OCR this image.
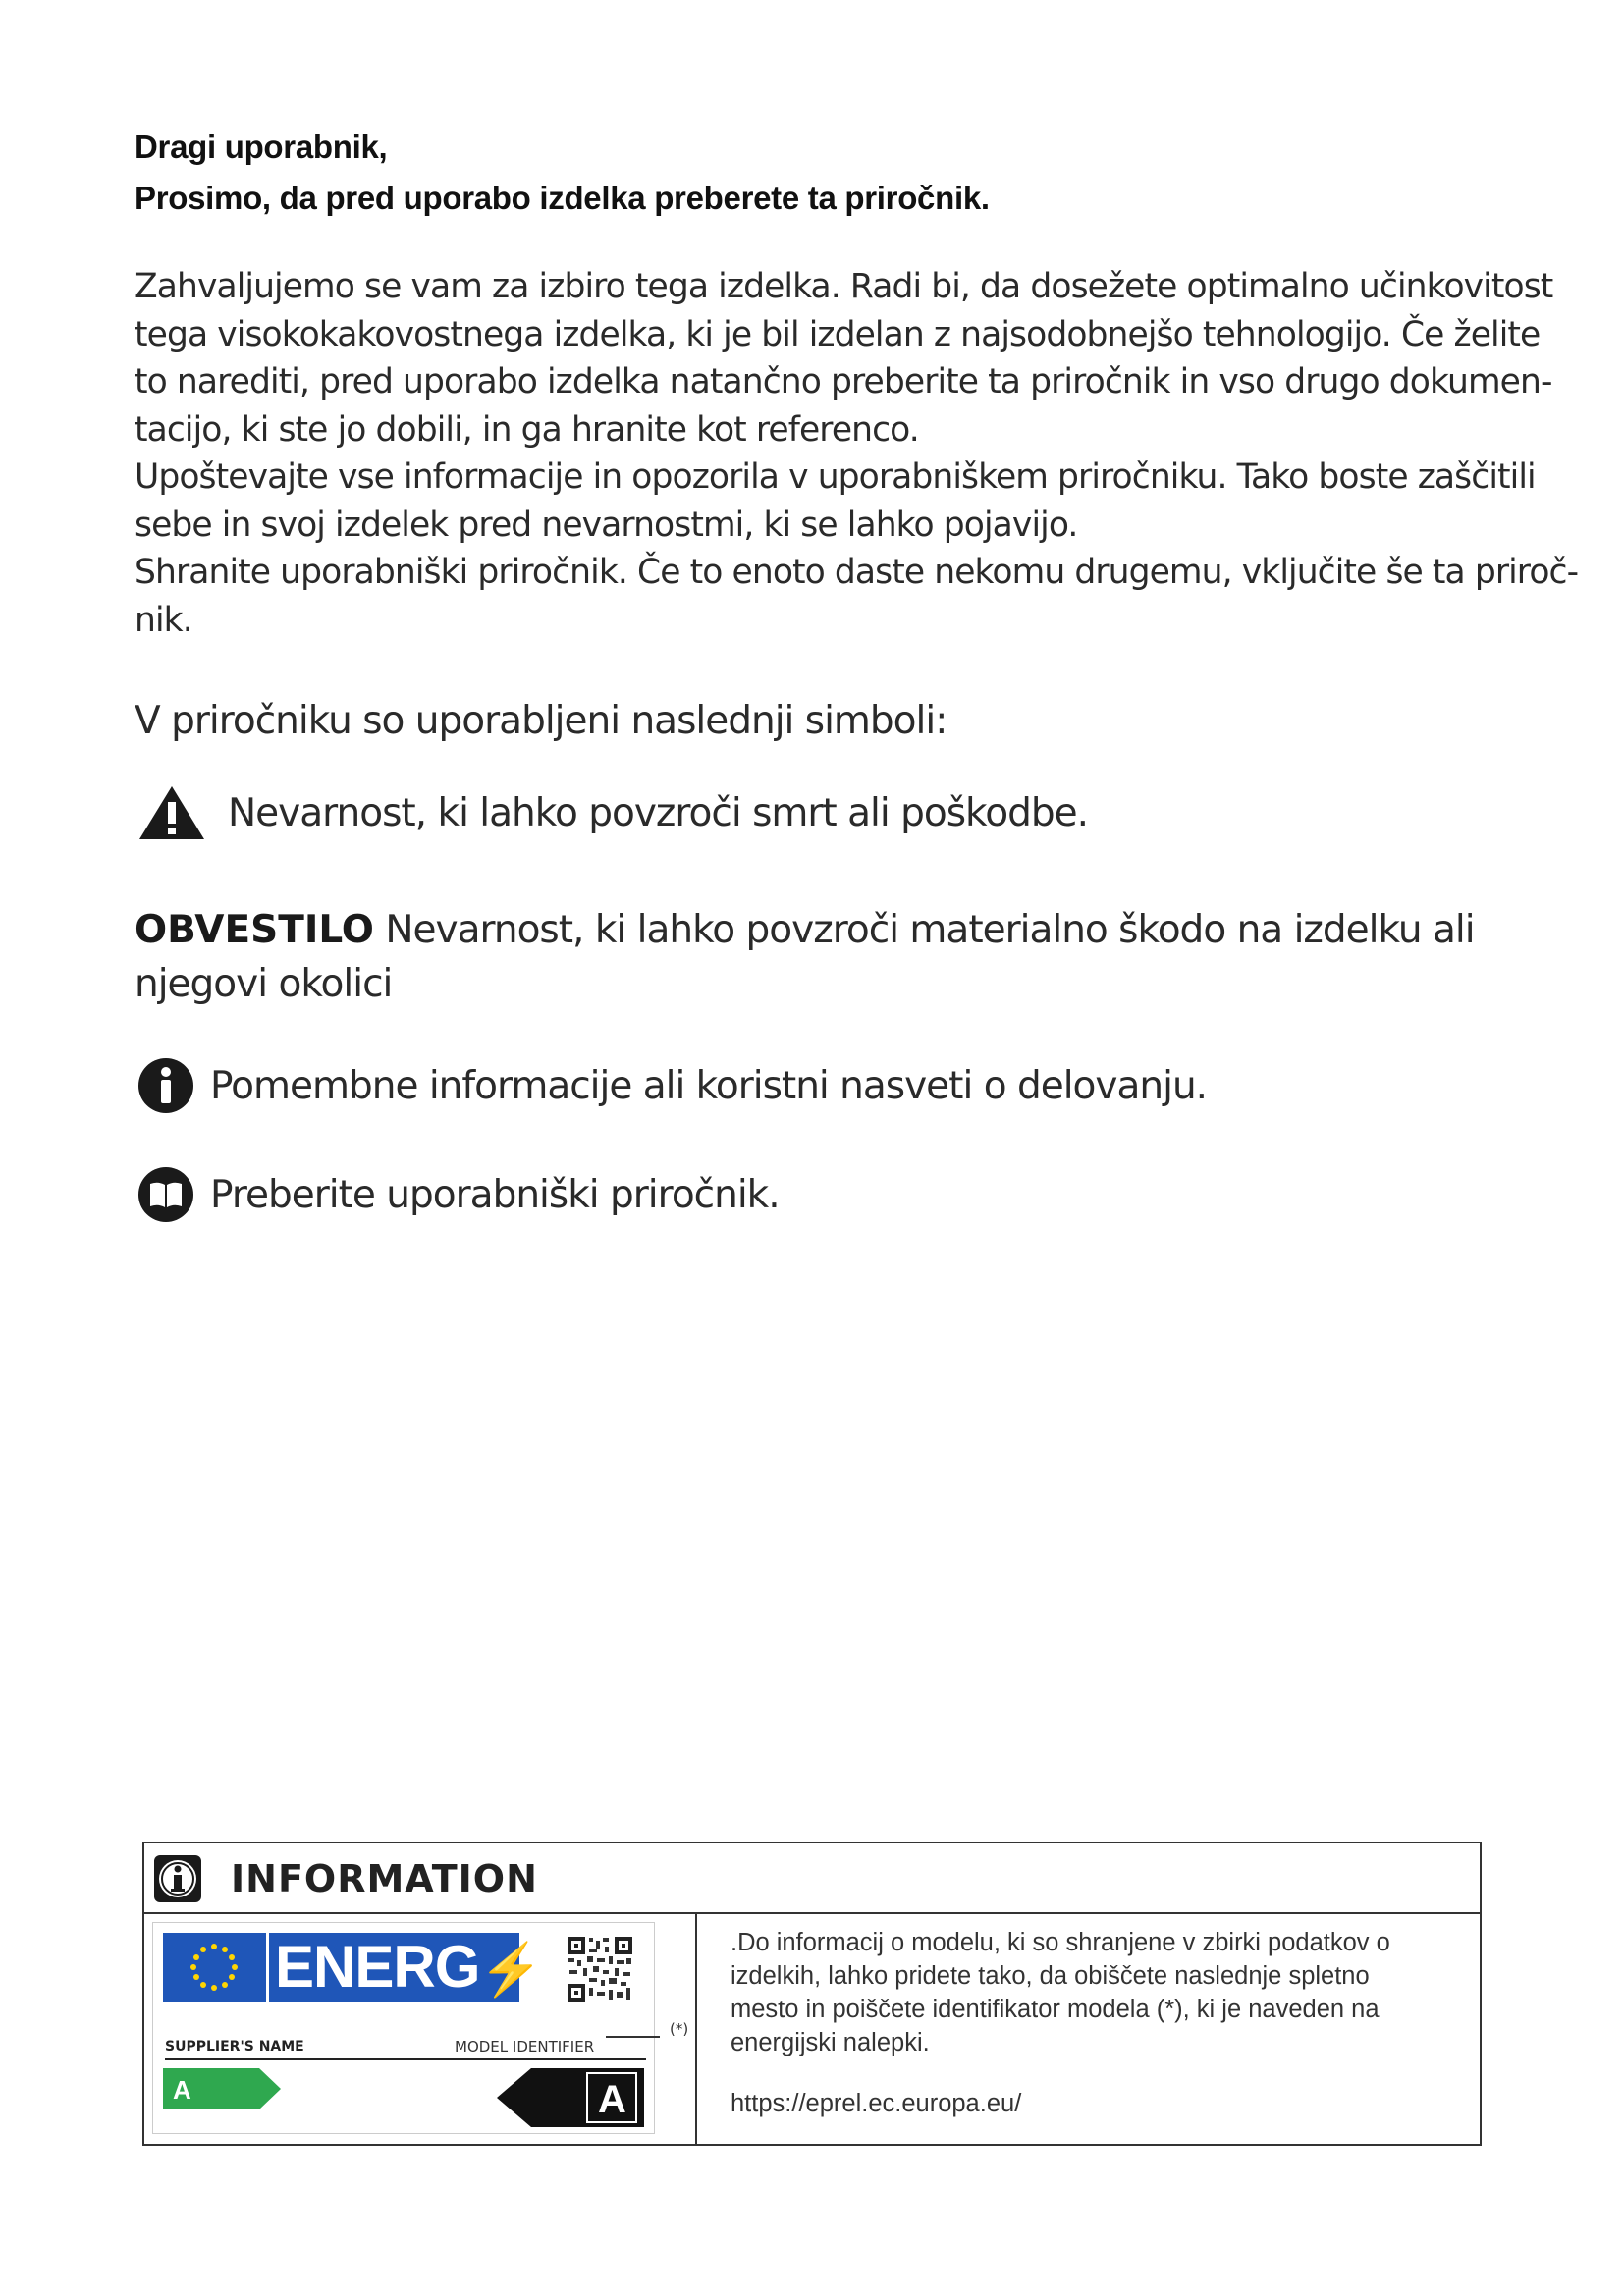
Dragi uporabnik,
Prosimo, da pred uporabo izdelka preberete ta priročnik.
Zahvaljujemo se vam za izbiro tega izdelka. Radi bi, da dosežete optimalno učinkovitost
tega visokokakovostnega izdelka, ki je bil izdelan z najsodobnejšo tehnologijo. Če želite
to narediti, pred uporabo izdelka natančno preberite ta priročnik in vso drugo dokumen-
tacijo, ki ste jo dobili, in ga hranite kot referenco.
Upoštevajte vse informacije in opozorila v uporabniškem priročniku. Tako boste zaščitili
sebe in svoj izdelek pred nevarnostmi, ki se lahko pojavijo.
Shranite uporabniški priročnik. Če to enoto daste nekomu drugemu, vključite še ta priroč-
nik.
V priročniku so uporabljeni naslednji simboli:
Nevarnost, ki lahko povzroči smrt ali poškodbe.
OBVESTILO Nevarnost, ki lahko povzroči materialno škodo na izdelku ali
njegovi okolici
Pomembne informacije ali koristni nasveti o delovanju.
Preberite uporabniški priročnik.
INFORMATION
ENERG⚡
SUPPLIER'S NAME	MODEL IDENTIFIER
A	A
(*)
.Do informacij o modelu, ki so shranjene v zbirki podatkov o
izdelkih, lahko pridete tako, da obiščete naslednje spletno
mesto in poiščete identifikator modela (*), ki je naveden na
energijski nalepki.
https://eprel.ec.europa.eu/
